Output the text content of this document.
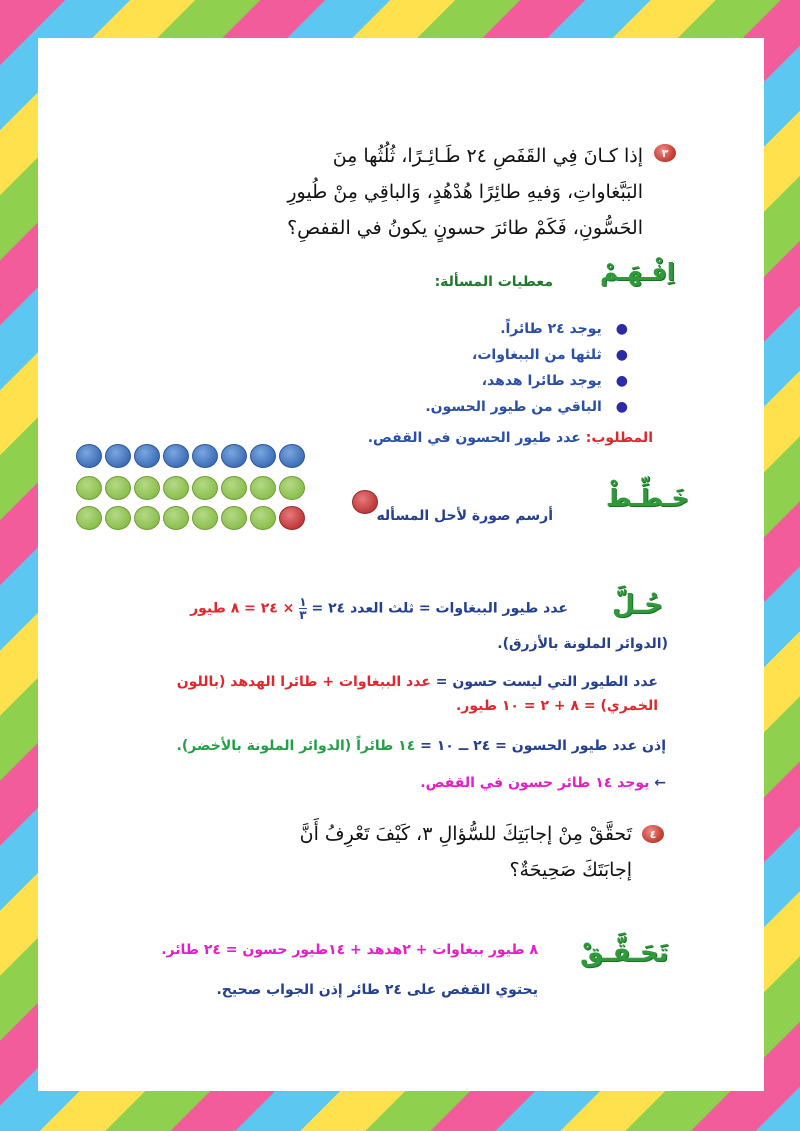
٣
إذا كـانَ فِي القَفَصِ ٢٤ طَـائِـرًا، ثُلُثُها مِنَ
البَبَّغاواتِ، وَفيهِ طائِرًا هُدْهُدٍ، وَالباقِي مِنْ طُيورِ
الحَسُّونِ، فَكَمْ طائرَ حسونٍ يكونُ في القفصِ؟
اِفْـهَـمْ
معطيات المسألة:
●يوجد ٢٤ طائراً.
●ثلثها من الببغاوات،
●يوجد طائرا هدهد،
●الباقي من طيور الحسون.
المطلوب: عدد طيور الحسون في القفص.
أرسم صورة لأحل المسأله
خَـطِّـطْ
حُـلَّ
عدد طيور الببغاوات = ثلث العدد ٢٤ =
$\frac{١}{٣}$
× ٢٤ = ٨ طيور
(الدوائر الملونة بالأزرق).
عدد الطيور التي ليست حسون = عدد الببغاوات + طائرا الهدهد (باللون
الخمري) = ٨ + ٢ = ١٠ طيور.
إذن عدد طيور الحسون = ٢٤ ــ ١٠ = ١٤ طائراً (الدوائر الملونة بالأخضر).
← يوجد ١٤ طائر حسون في القفص.
٤
تَحقَّقْ مِنْ إجابَتِكَ للسُّؤالِ ٣، كَيْفَ تَعْرِفُ أَنَّ
إجابَتَكَ صَحِيحَةٌ؟
تَحَـقَّـقْ
٨ طيور ببغاوات + ٢هدهد + ١٤طيور حسون = ٢٤ طائر.
يحتوي القفص على ٢٤ طائر إذن الجواب صحيح.
